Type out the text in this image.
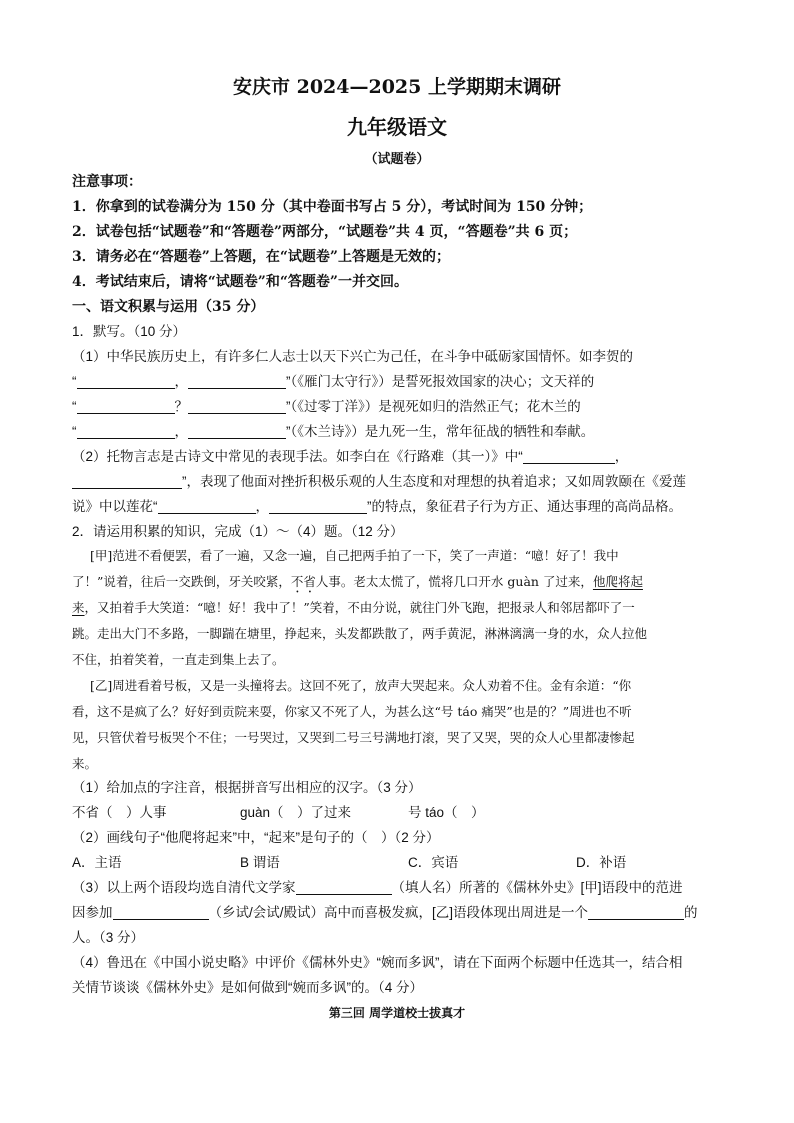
安庆市 2024—2025 上学期期末调研
九年级语文
（试题卷）
注意事项：
1．你拿到的试卷满分为 150 分（其中卷面书写占 5 分），考试时间为 150 分钟；
2．试卷包括“试题卷”和“答题卷”两部分，“试题卷”共 4 页，“答题卷”共 6 页；
3．请务必在“答题卷”上答题，在“试题卷”上答题是无效的；
4．考试结束后，请将“试题卷”和“答题卷”一并交回。
一、语文积累与运用（35 分）
1．默写。（10 分）
（1）中华民族历史上，有许多仁人志士以天下兴亡为己任，在斗争中砥砺家国情怀。如李贺的
“	，	”（《雁门太守行》）是誓死报效国家的决心；文天祥的
“	？	”（《过零丁洋》）是视死如归的浩然正气；花木兰的
“	，	”（《木兰诗》）是九死一生，常年征战的牺牲和奉献。
（2）托物言志是古诗文中常见的表现手法。如李白在《行路难（其一）》中“	，
”，表现了他面对挫折积极乐观的人生态度和对理想的执着追求；又如周敦颐在《爱莲
说》中以莲花“	，	”的特点，象征君子行为方正、通达事理的高尚品格。
2．请运用积累的知识，完成（1）～（4）题。（12 分）
[甲]范进不看便罢，看了一遍，又念一遍，自己把两手拍了一下，笑了一声道：“噫！好了！我中
了！”说着，往后一交跌倒，牙关咬紧，不省人事。老太太慌了，慌将几口开水 guàn 了过来，他爬将起
来，又拍着手大笑道：“噫！好！我中了！”笑着，不由分说，就往门外飞跑，把报录人和邻居都吓了一
跳。走出大门不多路，一脚踹在塘里，挣起来，头发都跌散了，两手黄泥，淋淋漓漓一身的水，众人拉他
不住，拍着笑着，一直走到集上去了。
[乙]周进看着号板，又是一头撞将去。这回不死了，放声大哭起来。众人劝着不住。金有余道：“你
看，这不是疯了么？好好到贡院来耍，你家又不死了人，为甚么这“号 táo 痛哭”也是的？”周进也不听
见，只管伏着号板哭个不住；一号哭过，又哭到二号三号满地打滚，哭了又哭，哭的众人心里都凄惨起
来。
（1）给加点的字注音，根据拼音写出相应的汉字。（3 分）
不省（　）人事	guàn（　）了过来	号 táo（　）
（2）画线句子“他爬将起来”中，“起来”是句子的（　）（2 分）
A．主语	B 谓语	C．宾语	D．补语
（3）以上两个语段均选自清代文学家	（填人名）所著的《儒林外史》[甲]语段中的范进
因参加	（乡试/会试/殿试）高中而喜极发疯，[乙]语段体现出周进是一个	的
人。（3 分）
（4）鲁迅在《中国小说史略》中评价《儒林外史》“婉而多讽”，请在下面两个标题中任选其一，结合相
关情节谈谈《儒林外史》是如何做到“婉而多讽”的。（4 分）
第三回 周学道校士拔真才
